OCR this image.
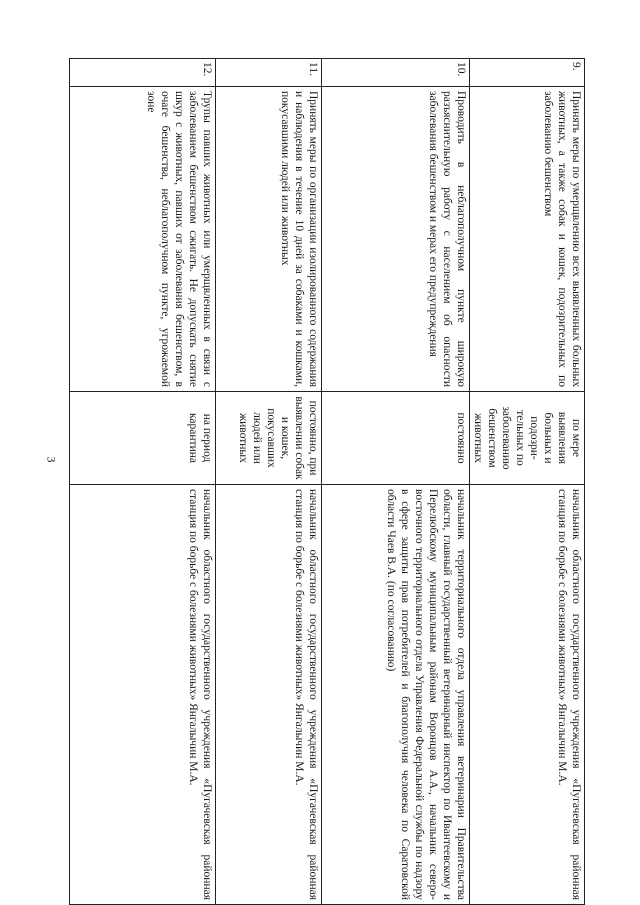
3
9.	Принять меры по умерщвлению всех выявленных больных животных, а также собак и кошек, подозрительных по заболеванию бешенством	по мере выявления больных и подозри-тельных по заболеванию бешенством животных	начальник областного государственного учреждения «Пугачевская районная станция по борьбе с болезнями животных» Янгалычин М.А.
10.	Проводить в неблагополучном пункте широкую разъяснительную работу с населением об опасности заболевания бешенством и мерах его предупреждения	постоянно	начальник территориального отдела управления ветеринарии Правительства области, главный государственный ветеринарный инспектор по Ивантеевскому и Перелюбскому муниципальным районам Воронцов А.А., начальник северо-восточного территориального отдела Управления Федеральной службы по надзору в сфере защиты прав потребителей и благополучия человека по Саратовской области Чаев В.А. (по согласованию)
11.	Принять меры по организации изолированного содержания и наблюдения в течение 10 дней за собаками и кошками, покусавшими людей или животных	постоянно, при выявлении собак и кошек, покусавших людей или животных	начальник областного государственного учреждения «Пугачевская районная станция по борьбе с болезнями животных» Янгалычин М.А.
12.	Трупы павших животных или умерщвленных в связи с заболеванием бешенством сжигать. Не допускать снятие шкур с животных, павших от заболевания бешенством, в очаге бешенства, неблагополучном пункте, угрожаемой зоне	на период карантина	начальник областного государственного учреждения «Пугачевская районная станция по борьбе с болезнями животных» Янгалычин М.А.
